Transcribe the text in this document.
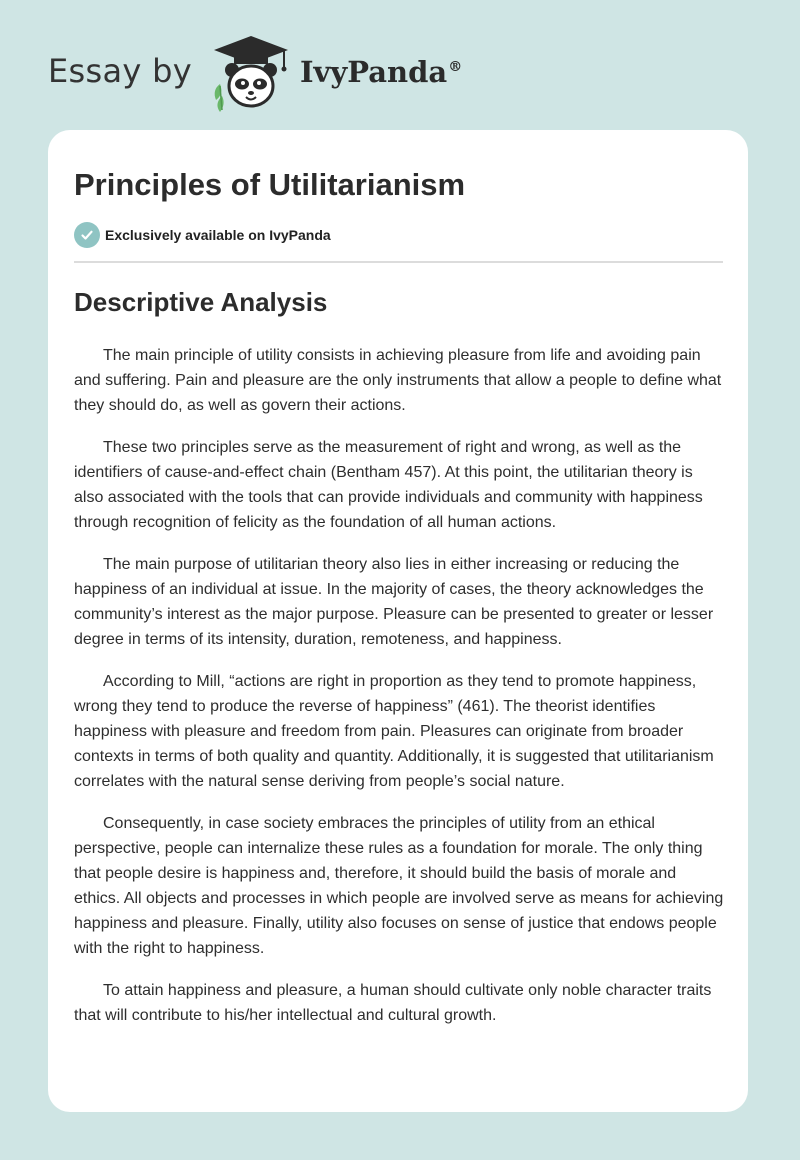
Essay by	IvyPanda®
Principles of Utilitarianism
Exclusively available on IvyPanda
Descriptive Analysis

The main principle of utility consists in achieving pleasure from life and avoiding pain and suffering. Pain and pleasure are the only instruments that allow a people to define what they should do, as well as govern their actions.

These two principles serve as the measurement of right and wrong, as well as the identifiers of cause-and-effect chain (Bentham 457). At this point, the utilitarian theory is also associated with the tools that can provide individuals and community with happiness through recognition of felicity as the foundation of all human actions.

The main purpose of utilitarian theory also lies in either increasing or reducing the happiness of an individual at issue. In the majority of cases, the theory acknowledges the community’s interest as the major purpose. Pleasure can be presented to greater or lesser degree in terms of its intensity, duration, remoteness, and happiness.

According to Mill, “actions are right in proportion as they tend to promote happiness, wrong they tend to produce the reverse of happiness” (461). The theorist identifies happiness with pleasure and freedom from pain. Pleasures can originate from broader contexts in terms of both quality and quantity. Additionally, it is suggested that utilitarianism correlates with the natural sense deriving from people’s social nature.

Consequently, in case society embraces the principles of utility from an ethical perspective, people can internalize these rules as a foundation for morale. The only thing that people desire is happiness and, therefore, it should build the basis of morale and ethics. All objects and processes in which people are involved serve as means for achieving happiness and pleasure. Finally, utility also focuses on sense of justice that endows people with the right to happiness.

To attain happiness and pleasure, a human should cultivate only noble character traits that will contribute to his/her intellectual and cultural growth.
